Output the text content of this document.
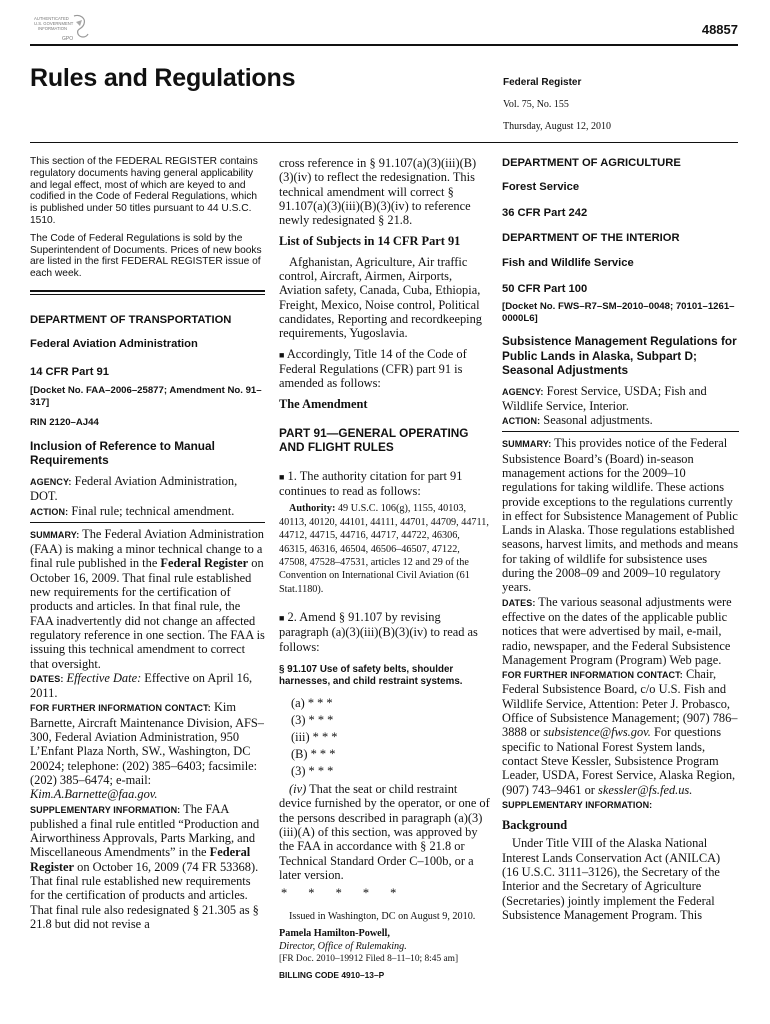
AUTHENTICATED
U.S. GOVERNMENT
INFORMATION
GPO
48857
Rules and Regulations	Federal Register
Vol. 75, No. 155
Thursday, August 12, 2010

This section of the FEDERAL REGISTER contains regulatory documents having general applicability and legal effect, most of which are keyed to and codified in the Code of Federal Regulations, which is published under 50 titles pursuant to 44 U.S.C. 1510.

The Code of Federal Regulations is sold by the Superintendent of Documents. Prices of new books are listed in the first FEDERAL REGISTER issue of each week.

DEPARTMENT OF TRANSPORTATION

Federal Aviation Administration

14 CFR Part 91

[Docket No. FAA–2006–25877; Amendment No. 91–317]

RIN 2120–AJ44

Inclusion of Reference to Manual Requirements

AGENCY: Federal Aviation Administration, DOT.

ACTION: Final rule; technical amendment.

SUMMARY: The Federal Aviation Administration (FAA) is making a minor technical change to a final rule published in the Federal Register on October 16, 2009. That final rule established new requirements for the certification of products and articles. In that final rule, the FAA inadvertently did not change an affected regulatory reference in one section. The FAA is issuing this technical amendment to correct that oversight.

DATES: Effective Date: Effective on April 16, 2011.

FOR FURTHER INFORMATION CONTACT: Kim Barnette, Aircraft Maintenance Division, AFS–300, Federal Aviation Administration, 950 L’Enfant Plaza North, SW., Washington, DC 20024; telephone: (202) 385–6403; facsimile: (202) 385–6474; e-mail: Kim.A.Barnette@faa.gov.

SUPPLEMENTARY INFORMATION: The FAA published a final rule entitled “Production and Airworthiness Approvals, Parts Marking, and Miscellaneous Amendments” in the Federal Register on October 16, 2009 (74 FR 53368). That final rule established new requirements for the certification of products and articles. That final rule also redesignated § 21.305 as § 21.8 but did not revise a

cross reference in § 91.107(a)(3)(iii)(B)(3)(iv) to reflect the redesignation. This technical amendment will correct § 91.107(a)(3)(iii)(B)(3)(iv) to reference newly redesignated § 21.8.

List of Subjects in 14 CFR Part 91

Afghanistan, Agriculture, Air traffic control, Aircraft, Airmen, Airports, Aviation safety, Canada, Cuba, Ethiopia, Freight, Mexico, Noise control, Political candidates, Reporting and recordkeeping requirements, Yugoslavia.

■ Accordingly, Title 14 of the Code of Federal Regulations (CFR) part 91 is amended as follows:

The Amendment

PART 91—GENERAL OPERATING AND FLIGHT RULES

■ 1. The authority citation for part 91 continues to read as follows:

Authority: 49 U.S.C. 106(g), 1155, 40103, 40113, 40120, 44101, 44111, 44701, 44709, 44711, 44712, 44715, 44716, 44717, 44722, 46306, 46315, 46316, 46504, 46506–46507, 47122, 47508, 47528–47531, articles 12 and 29 of the Convention on International Civil Aviation (61 Stat.1180).

■ 2. Amend § 91.107 by revising paragraph (a)(3)(iii)(B)(3)(iv) to read as follows:

§ 91.107 Use of safety belts, shoulder harnesses, and child restraint systems.

(a) * * *

(3) * * *

(iii) * * *

(B) * * *

(3) * * *

(iv) That the seat or child restraint device furnished by the operator, or one of the persons described in paragraph (a)(3)(iii)(A) of this section, was approved by the FAA in accordance with § 21.8 or Technical Standard Order C–100b, or a later version.

* * * * *

Issued in Washington, DC on August 9, 2010.

Pamela Hamilton-Powell,

Director, Office of Rulemaking.

[FR Doc. 2010–19912 Filed 8–11–10; 8:45 am]

BILLING CODE 4910–13–P

DEPARTMENT OF AGRICULTURE

Forest Service

36 CFR Part 242

DEPARTMENT OF THE INTERIOR

Fish and Wildlife Service

50 CFR Part 100

[Docket No. FWS–R7–SM–2010–0048; 70101–1261–0000L6]

Subsistence Management Regulations for Public Lands in Alaska, Subpart D; Seasonal Adjustments

AGENCY: Forest Service, USDA; Fish and Wildlife Service, Interior.

ACTION: Seasonal adjustments.

SUMMARY: This provides notice of the Federal Subsistence Board’s (Board) in-season management actions for the 2009–10 regulations for taking wildlife. These actions provide exceptions to the regulations currently in effect for Subsistence Management of Public Lands in Alaska. Those regulations established seasons, harvest limits, and methods and means for taking of wildlife for subsistence uses during the 2008–09 and 2009–10 regulatory years.

DATES: The various seasonal adjustments were effective on the dates of the applicable public notices that were advertised by mail, e-mail, radio, newspaper, and the Federal Subsistence Management Program (Program) Web page.

FOR FURTHER INFORMATION CONTACT: Chair, Federal Subsistence Board, c/o U.S. Fish and Wildlife Service, Attention: Peter J. Probasco, Office of Subsistence Management; (907) 786–3888 or subsistence@fws.gov. For questions specific to National Forest System lands, contact Steve Kessler, Subsistence Program Leader, USDA, Forest Service, Alaska Region, (907) 743–9461 or skessler@fs.fed.us.

SUPPLEMENTARY INFORMATION:

Background

Under Title VIII of the Alaska National Interest Lands Conservation Act (ANILCA) (16 U.S.C. 3111–3126), the Secretary of the Interior and the Secretary of Agriculture (Secretaries) jointly implement the Federal Subsistence Management Program. This
